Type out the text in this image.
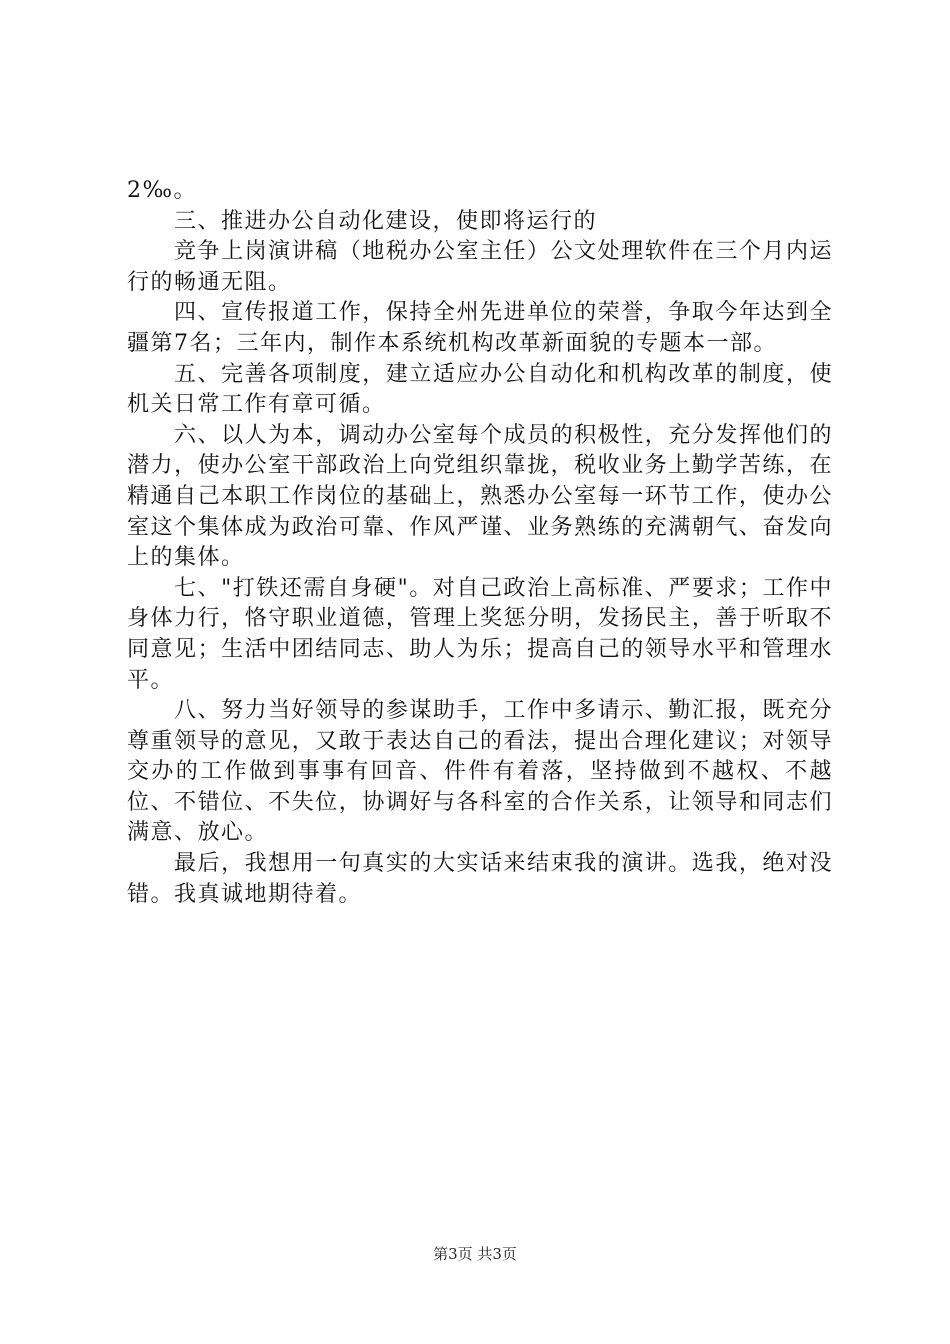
2‰。

三、推进办公自动化建设，使即将运行的

竞争上岗演讲稿（地税办公室主任）公文处理软件在三个月内运行的畅通无阻。

四、宣传报道工作，保持全州先进单位的荣誉，争取今年达到全疆第7名；三年内，制作本系统机构改革新面貌的专题本一部。

五、完善各项制度，建立适应办公自动化和机构改革的制度，使机关日常工作有章可循。

六、以人为本，调动办公室每个成员的积极性，充分发挥他们的潜力，使办公室干部政治上向党组织靠拢，税收业务上勤学苦练，在精通自己本职工作岗位的基础上，熟悉办公室每一环节工作，使办公室这个集体成为政治可靠、作风严谨、业务熟练的充满朝气、奋发向上的集体。

七、"打铁还需自身硬"。对自己政治上高标准、严要求；工作中身体力行，恪守职业道德，管理上奖惩分明，发扬民主，善于听取不同意见；生活中团结同志、助人为乐；提高自己的领导水平和管理水平。

八、努力当好领导的参谋助手，工作中多请示、勤汇报，既充分尊重领导的意见，又敢于表达自己的看法，提出合理化建议；对领导交办的工作做到事事有回音、件件有着落，坚持做到不越权、不越位、不错位、不失位，协调好与各科室的合作关系，让领导和同志们满意、放心。

最后，我想用一句真实的大实话来结束我的演讲。选我，绝对没错。我真诚地期待着。

第3页 共3页
